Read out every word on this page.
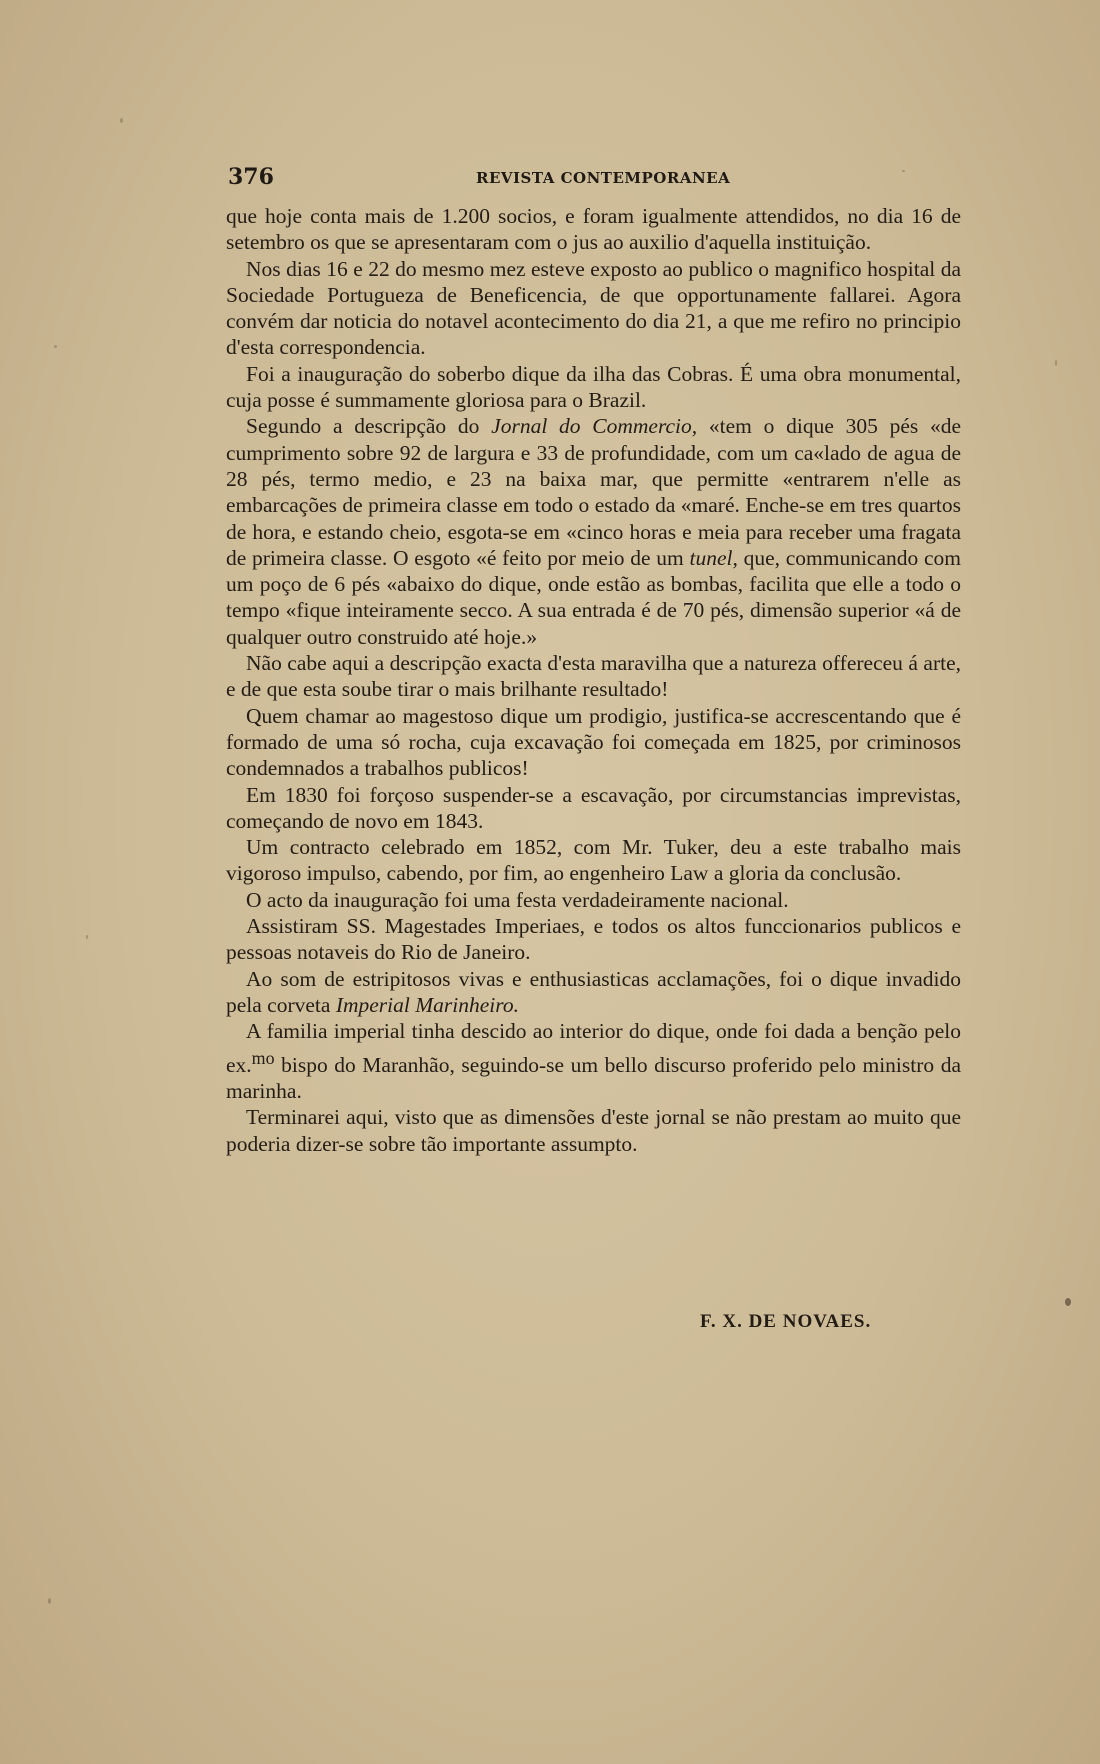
376	REVISTA CONTEMPORANEA

que hoje conta mais de 1.200 socios, e foram igualmente attendidos, no dia 16 de setembro os que se apresentaram com o jus ao auxilio d'aquella instituição.

Nos dias 16 e 22 do mesmo mez esteve exposto ao publico o magnifico hospital da Sociedade Portugueza de Beneficencia, de que opportunamente fallarei. Agora convém dar noticia do notavel acontecimento do dia 21, a que me refiro no principio d'esta correspondencia.

Foi a inauguração do soberbo dique da ilha das Cobras. É uma obra monumental, cuja posse é summamente gloriosa para o Brazil.

Segundo a descripção do Jornal do Commercio, «tem o dique 305 pés «de cumprimento sobre 92 de largura e 33 de profundidade, com um ca«lado de agua de 28 pés, termo medio, e 23 na baixa mar, que permitte «entrarem n'elle as embarcações de primeira classe em todo o estado da «maré. Enche-se em tres quartos de hora, e estando cheio, esgota-se em «cinco horas e meia para receber uma fragata de primeira classe. O esgoto «é feito por meio de um tunel, que, communicando com um poço de 6 pés «abaixo do dique, onde estão as bombas, facilita que elle a todo o tempo «fique inteiramente secco. A sua entrada é de 70 pés, dimensão superior «á de qualquer outro construido até hoje.»

Não cabe aqui a descripção exacta d'esta maravilha que a natureza offereceu á arte, e de que esta soube tirar o mais brilhante resultado!

Quem chamar ao magestoso dique um prodigio, justifica-se accrescentando que é formado de uma só rocha, cuja excavação foi começada em 1825, por criminosos condemnados a trabalhos publicos!

Em 1830 foi forçoso suspender-se a escavação, por circumstancias imprevistas, começando de novo em 1843.

Um contracto celebrado em 1852, com Mr. Tuker, deu a este trabalho mais vigoroso impulso, cabendo, por fim, ao engenheiro Law a gloria da conclusão.

O acto da inauguração foi uma festa verdadeiramente nacional.

Assistiram SS. Magestades Imperiaes, e todos os altos funccionarios publicos e pessoas notaveis do Rio de Janeiro.

Ao som de estripitosos vivas e enthusiasticas acclamações, foi o dique invadido pela corveta Imperial Marinheiro.

A familia imperial tinha descido ao interior do dique, onde foi dada a benção pelo ex.$^{mo}$ bispo do Maranhão, seguindo-se um bello discurso proferido pelo ministro da marinha.

Terminarei aqui, visto que as dimensões d'este jornal se não prestam ao muito que poderia dizer-se sobre tão importante assumpto.

F. X. DE NOVAES.
